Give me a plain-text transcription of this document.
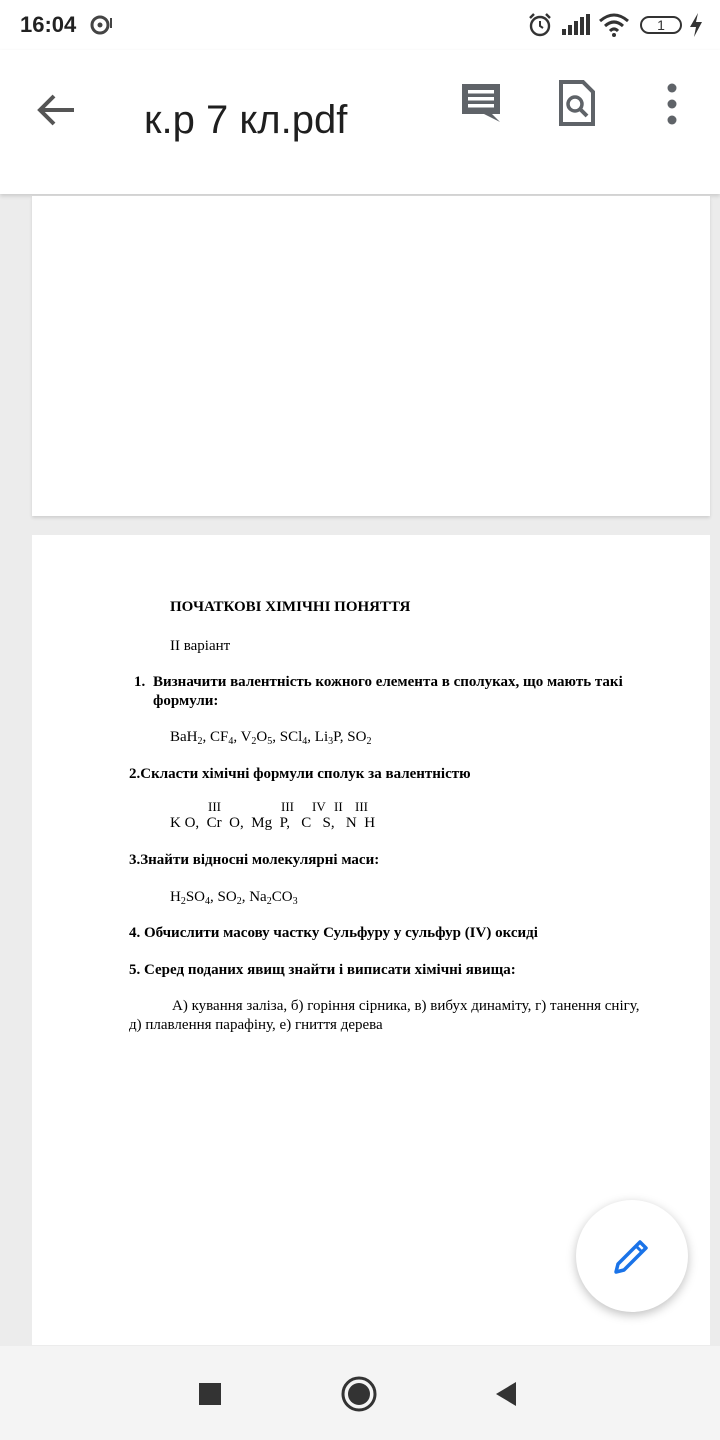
16:04	1
к.р 7 кл.pdf
ПОЧАТКОВІ ХІМІЧНІ ПОНЯТТЯ
ІІ варіант
1. Визначити валентність кожного елемента в сполуках, що мають такі
формули:
BaH$_2$, $CF_4$, $V_2O_5$, SCl$_4$, $Li_3P$, $SO_2$
2.Скласти хімічні формули сполук за валентністю
III	III IV II III
K O,  Cr  O,  Mg  P,   C   S,   N  H
3.Знайти відносні молекулярні маси:
$H_2SO_4$, $SO_2$, $Na_2CO_3$
4. Обчислити масову частку Сульфуру у сульфур (IV) оксиді
5. Серед поданих явищ знайти і виписати хімічні явища:
А) кування заліза, б) горіння сірника, в) вибух динаміту, г) танення снігу,
д) плавлення парафіну, е) гниття дерева
